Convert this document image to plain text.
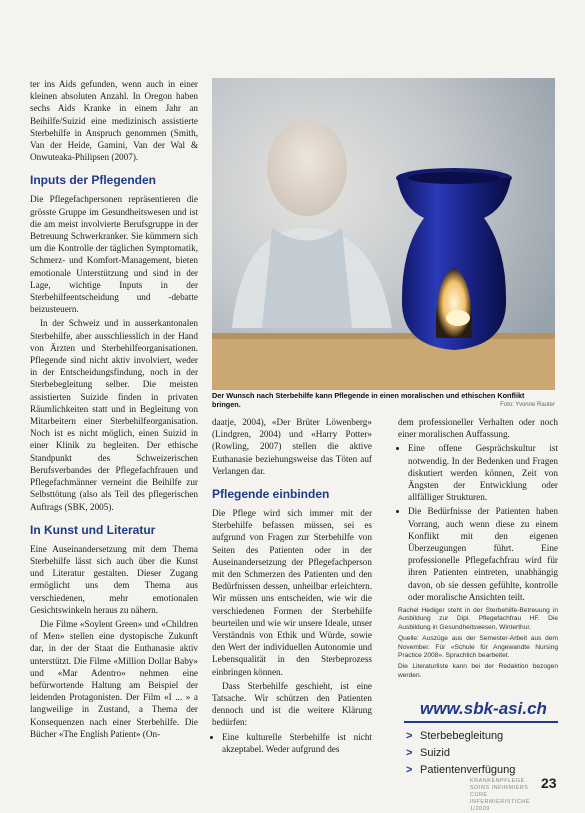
ter ins Aids gefunden, wenn auch in einer kleinen absoluten Anzahl. In Oregon haben sechs Aids Kranke in einem Jahr an Beihilfe/Suizid eine medizinisch assistierte Sterbehilfe in Anspruch genommen (Smith, Van der Heide, Gamini, Van der Wal & Onwuteaka-Philipsen (2007).

Inputs der Pflegenden

Die Pflegefachpersonen repräsentieren die grösste Gruppe im Gesundheitswesen und ist die am meist involvierte Berufsgruppe in der Betreuung Schwerkranker. Sie kümmern sich um die Kontrolle der täglichen Symptomatik, Schmerz- und Komfort-Management, bieten emotionale Unterstützung und sind in der Lage, wichtige Inputs in der Sterbehilfeentscheidung und -debatte beizusteuern.

In der Schweiz und in ausserkantonalen Sterbehilfe, aber ausschliesslich in der Hand von Ärzten und Sterbehilfeorganisationen. Pflegende sind nicht aktiv involviert, weder in der Entscheidungsfindung, noch in der Sterbebegleitung selber. Die meisten assistierten Suizide finden in privaten Räumlichkeiten statt und in Begleitung von Mitarbeitern einer Sterbehilfeorganisation. Noch ist es nicht möglich, einen Suizid in einer Klinik zu begleiten. Der ethische Standpunkt des Schweizerischen Berufsverbandes der Pflegefachfrauen und Pflegefachmänner verneint die Beihilfe zur Selbsttötung (also als Teil des pflegerischen Auftrags (SBK, 2005).

In Kunst und Literatur

Eine Auseinandersetzung mit dem Thema Sterbehilfe lässt sich auch über die Kunst und Literatur gestalten. Dieser Zugang ermöglicht uns dem Thema aus verschiedenen, mehr emotionalen Gesichtswinkeln heraus zu nähern.

Die Filme «Soylent Green» und «Children of Men» stellen eine dystopische Zukunft dar, in der der Staat die Euthanasie aktiv unterstützt. Die Filme «Million Dollar Baby» und «Mar Adentro» nehmen eine befürwortende Haltung am Beispiel der leidenden Protagonisten. Der Film «I ... » a langweilige in Zustand, a Thema der Konsequenzen nach einer Sterbehilfe. Die Bücher «The English Patient» (On-

Der Wunsch nach Sterbehilfe kann Pflegende in einen moralischen und ethischen Konflikt bringen.	Foto: Yvonne Rauter

daatje, 2004), «Der Brüter Löwenberg» (Lindgren, 2004) und «Harry Potter» (Rowling, 2007) stellen die aktive Euthanasie beziehungsweise das Töten auf Verlangen dar.

Pflegende einbinden

Die Pflege wird sich immer mit der Sterbehilfe befassen müssen, sei es aufgrund von Fragen zur Sterbehilfe von Seiten des Patienten oder in der Auseinandersetzung der Pflegefachperson mit den Schmerzen des Patienten und den Bedürfnissen dessen, unheilbar erleichtern. Wir müssen uns entscheiden, wie wir die verschiedenen Formen der Sterbehilfe beurteilen und wie wir unsere Ideale, unser Verständnis von Ethik und Würde, sowie den Wert der individuellen Autonomie und Lebensqualität in den Sterbeprozess einbringen können.

Dass Sterbehilfe geschieht, ist eine Tatsache. Wir schützen den Patienten dennoch und ist die weitere Klärung bedürfen:

• Eine kulturelle Sterbehilfe ist nicht akzeptabel. Weder aufgrund des

dem professioneller Verhalten oder noch einer moralischen Auffassung.

• Eine offene Gesprächskultur ist notwendig. In der Bedenken und Fragen diskutiert werden können, Zeit von Ängsten der Entwicklung oder allfälliger Strukturen.
• Die Bedürfnisse der Patienten haben Vorrang, auch wenn diese zu einem Konflikt mit den eigenen Überzeugungen führt. Eine professionelle Pflegefachfrau wird für ihren Patienten eintreten, unabhängig davon, ob sie dessen gefühlte, kontrolle oder moralische Ansichten teilt.

Rachel Hediger steht in der Sterbehilfe-Betreuung in Ausbildung zur Dipl. Pflegefachfrau HF. Die Ausbildung in Gesundheitswesen, Winterthur.

Quelle: Auszüge aus der Semester-Arbeit aus dem November. Für «Schule für Angewandte Nursing Practice 2008». Sprachlich bearbeitet.

Die Literaturliste kann bei der Redaktion bezogen werden.

www.sbk-asi.ch
> Sterbebegleitung
> Suizid
> Patientenverfügung
KRANKENPFLEGE SOINS INFIRMIERS CURE INFERMIERISTICHE 1/2009
23
